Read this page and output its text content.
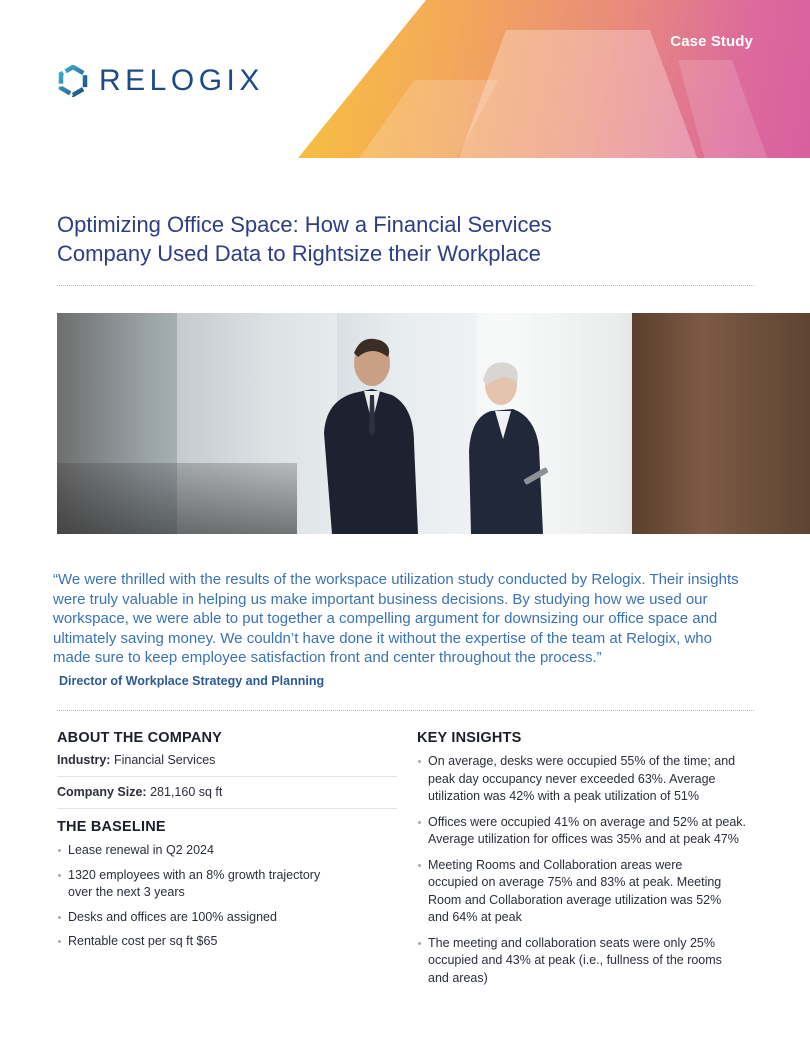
Case Study
RELOGIX
Optimizing Office Space: How a Financial Services
Company Used Data to Rightsize their Workplace
“We were thrilled with the results of the workspace utilization study conducted by Relogix. Their insights were truly valuable in helping us make important business decisions. By studying how we used our workspace, we were able to put together a compelling argument for downsizing our office space and ultimately saving money. We couldn’t have done it without the expertise of the team at Relogix, who made sure to keep employee satisfaction front and center throughout the process.”
Director of Workplace Strategy and Planning
ABOUT THE COMPANY
Industry: Financial Services
Company Size: 281,160 sq ft
THE BASELINE
Lease renewal in Q2 2024
1320 employees with an 8% growth trajectory over the next 3 years
Desks and offices are 100% assigned
Rentable cost per sq ft $65
KEY INSIGHTS
On average, desks were occupied 55% of the time; and peak day occupancy never exceeded 63%. Average utilization was 42% with a peak utilization of 51%
Offices were occupied 41% on average and 52% at peak. Average utilization for offices was 35% and at peak 47%
Meeting Rooms and Collaboration areas were occupied on average 75% and 83% at peak. Meeting Room and Collaboration average utilization was 52% and 64% at peak
The meeting and collaboration seats were only 25% occupied and 43% at peak (i.e., fullness of the rooms and areas)
